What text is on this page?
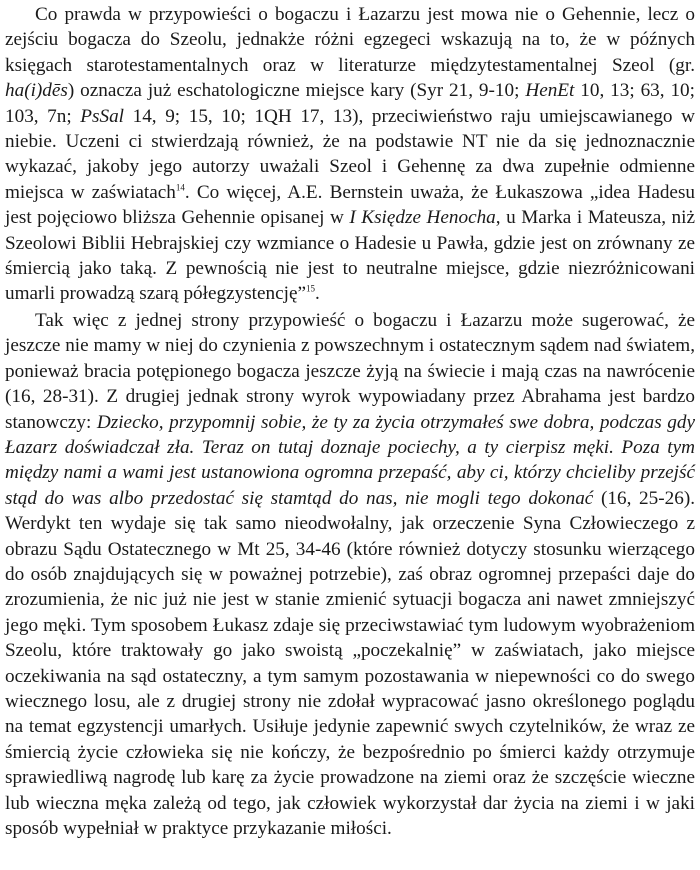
Co prawda w przypowieści o bogaczu i Łazarzu jest mowa nie o Gehennie, lecz o zejściu bogacza do Szeolu, jednakże różni egzegeci wskazują na to, że w późnych księgach starotestamentalnych oraz w literaturze międzytestamentalnej Szeol (gr. ha(i)dēs) oznacza już eschatologiczne miejsce kary (Syr 21, 9-10; HenEt 10, 13; 63, 10; 103, 7n; PsSal 14, 9; 15, 10; 1QH 17, 13), przeciwieństwo raju umiejscawianego w niebie. Uczeni ci stwierdzają również, że na podstawie NT nie da się jednoznacznie wykazać, jakoby jego autorzy uważali Szeol i Gehennę za dwa zupełnie odmienne miejsca w zaświatach$^{14}$. Co więcej, A.E. Bernstein uważa, że Łukaszowa „idea Hadesu jest pojęciowo bliższa Gehennie opisanej w I Księdze Henocha, u Marka i Mateusza, niż Szeolowi Biblii Hebrajskiej czy wzmiance o Hadesie u Pawła, gdzie jest on zrównany ze śmiercią jako taką. Z pewnością nie jest to neutralne miejsce, gdzie niezróżnicowani umarli prowadzą szarą półegzystencję”$^{15}$.

Tak więc z jednej strony przypowieść o bogaczu i Łazarzu może sugerować, że jeszcze nie mamy w niej do czynienia z powszechnym i ostatecznym sądem nad światem, ponieważ bracia potępionego bogacza jeszcze żyją na świecie i mają czas na nawrócenie (16, 28-31). Z drugiej jednak strony wyrok wypowiadany przez Abrahama jest bardzo stanowczy: Dziecko, przypomnij sobie, że ty za życia otrzymałeś swe dobra, podczas gdy Łazarz doświadczał zła. Teraz on tutaj doznaje pociechy, a ty cierpisz męki. Poza tym między nami a wami jest ustanowiona ogromna przepaść, aby ci, którzy chcieliby przejść stąd do was albo przedostać się stamtąd do nas, nie mogli tego dokonać (16, 25-26). Werdykt ten wydaje się tak samo nieodwołalny, jak orzeczenie Syna Człowieczego z obrazu Sądu Ostatecznego w Mt 25, 34-46 (które również dotyczy stosunku wierzącego do osób znajdujących się w poważnej potrzebie), zaś obraz ogromnej przepaści daje do zrozumienia, że nic już nie jest w stanie zmienić sytuacji bogacza ani nawet zmniejszyć jego męki. Tym sposobem Łukasz zdaje się przeciwstawiać tym ludowym wyobrażeniom Szeolu, które traktowały go jako swoistą „poczekalnię” w zaświatach, jako miejsce oczekiwania na sąd ostateczny, a tym samym pozostawania w niepewności co do swego wiecznego losu, ale z drugiej strony nie zdołał wypracować jasno określonego poglądu na temat egzystencji umarłych. Usiłuje jedynie zapewnić swych czytelników, że wraz ze śmiercią życie człowieka się nie kończy, że bezpośrednio po śmierci każdy otrzymuje sprawiedliwą nagrodę lub karę za życie prowadzone na ziemi oraz że szczęście wieczne lub wieczna męka zależą od tego, jak człowiek wykorzystał dar życia na ziemi i w jaki sposób wypełniał w praktyce przykazanie miłości.
